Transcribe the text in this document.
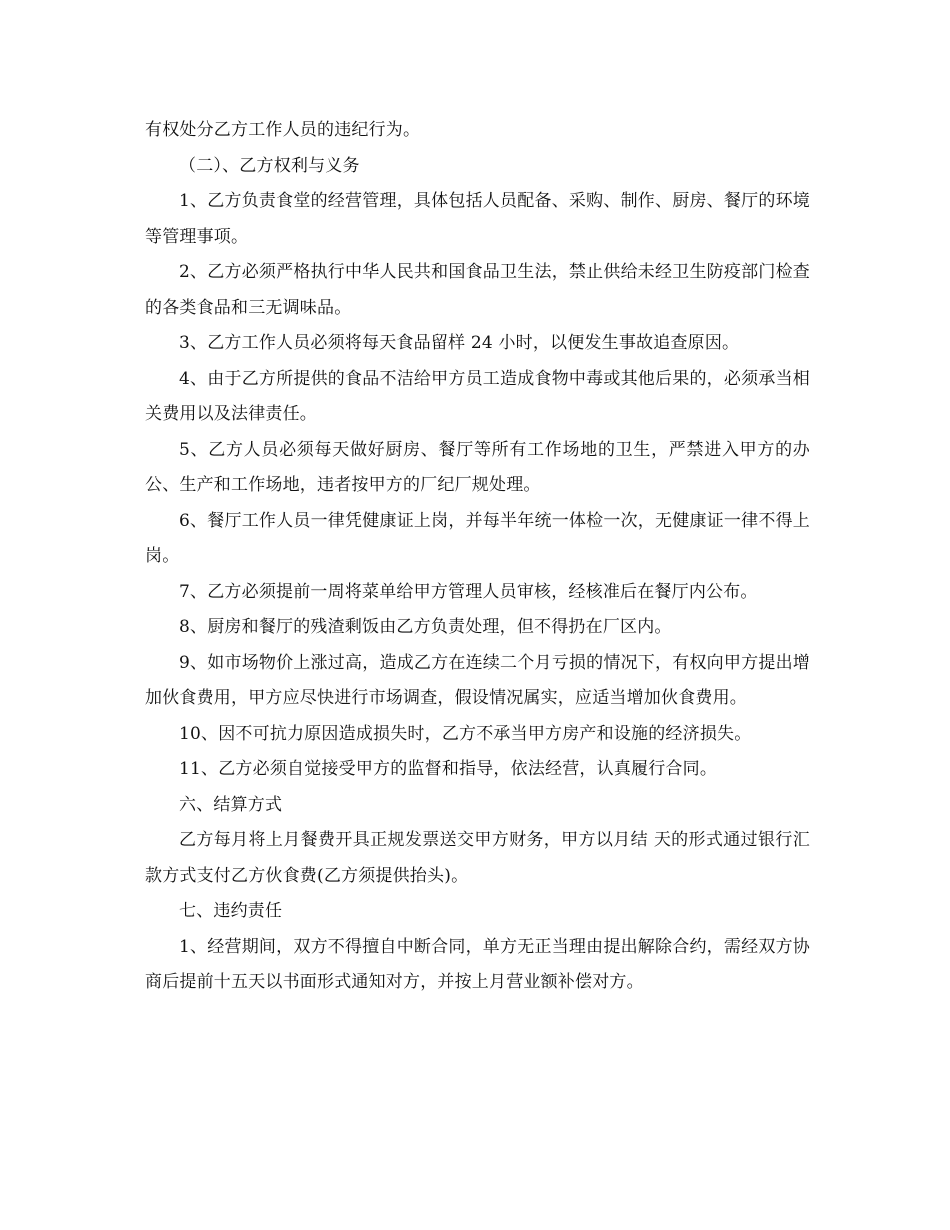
有权处分乙方工作人员的违纪行为。

（二）、乙方权利与义务

1、乙方负责食堂的经营管理，具体包括人员配备、采购、制作、厨房、餐厅的环境等管理事项。

2、乙方必须严格执行中华人民共和国食品卫生法，禁止供给未经卫生防疫部门检查的各类食品和三无调味品。

3、乙方工作人员必须将每天食品留样 24 小时，以便发生事故追查原因。

4、由于乙方所提供的食品不洁给甲方员工造成食物中毒或其他后果的，必须承当相关费用以及法律责任。

5、乙方人员必须每天做好厨房、餐厅等所有工作场地的卫生，严禁进入甲方的办公、生产和工作场地，违者按甲方的厂纪厂规处理。

6、餐厅工作人员一律凭健康证上岗，并每半年统一体检一次，无健康证一律不得上岗。

7、乙方必须提前一周将菜单给甲方管理人员审核，经核准后在餐厅内公布。

8、厨房和餐厅的残渣剩饭由乙方负责处理，但不得扔在厂区内。

9、如市场物价上涨过高，造成乙方在连续二个月亏损的情况下，有权向甲方提出增加伙食费用，甲方应尽快进行市场调查，假设情况属实，应适当增加伙食费用。

10、因不可抗力原因造成损失时，乙方不承当甲方房产和设施的经济损失。

11、乙方必须自觉接受甲方的监督和指导，依法经营，认真履行合同。

六、结算方式

乙方每月将上月餐费开具正规发票送交甲方财务，甲方以月结 天的形式通过银行汇款方式支付乙方伙食费(乙方须提供抬头)。

七、违约责任

1、经营期间，双方不得擅自中断合同，单方无正当理由提出解除合约，需经双方协商后提前十五天以书面形式通知对方，并按上月营业额补偿对方。
